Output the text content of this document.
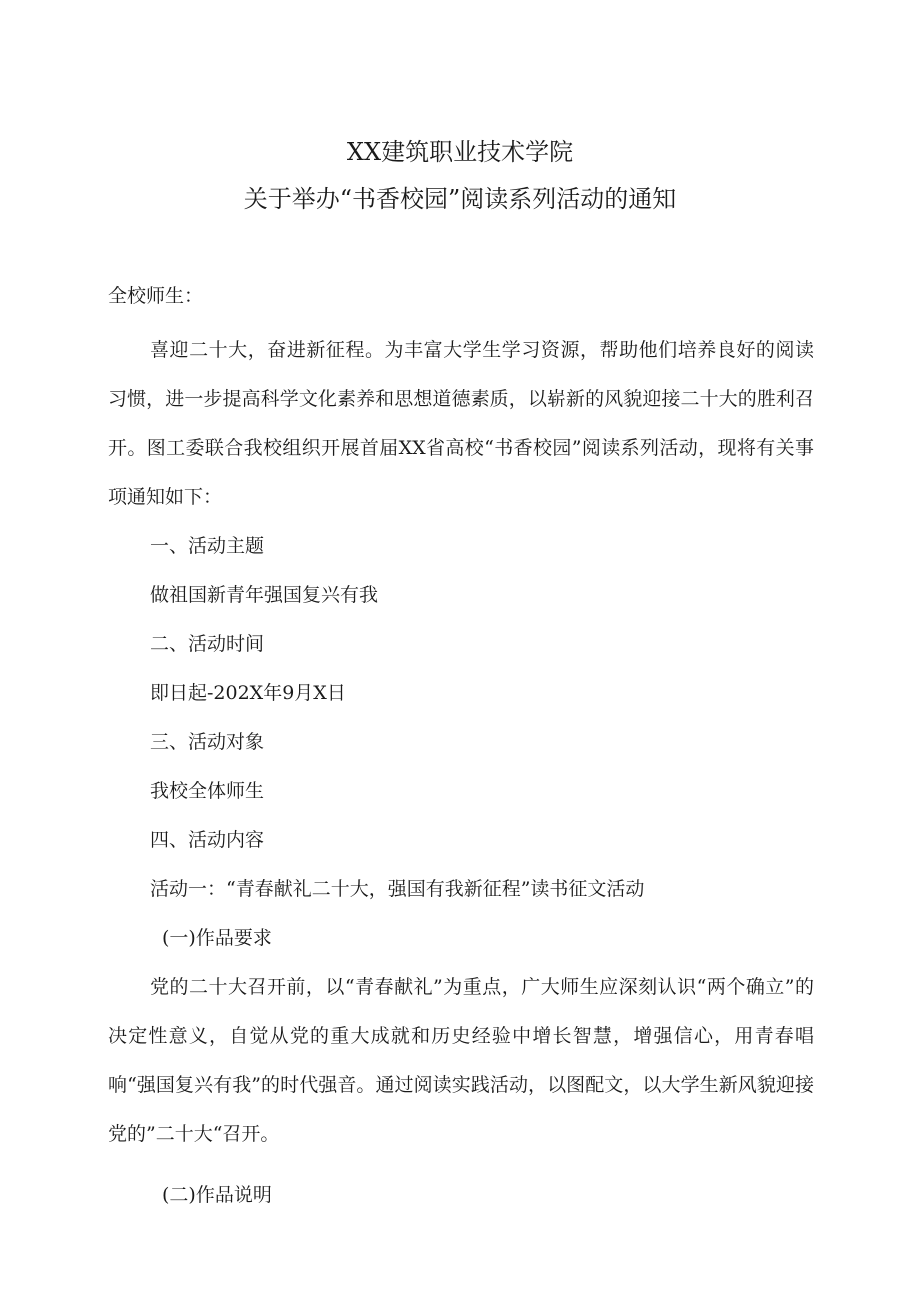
XX建筑职业技术学院
关于举办“书香校园”阅读系列活动的通知

全校师生：

喜迎二十大，奋进新征程。为丰富大学生学习资源，帮助他们培养良好的阅读习惯，进一步提高科学文化素养和思想道德素质，以崭新的风貌迎接二十大的胜利召开。图工委联合我校组织开展首届XX省高校“书香校园”阅读系列活动，现将有关事项通知如下：

一、活动主题

做祖国新青年强国复兴有我

二、活动时间

即日起-202X年9月X日

三、活动对象

我校全体师生

四、活动内容

活动一：“青春献礼二十大，强国有我新征程”读书征文活动

(一)作品要求

党的二十大召开前，以“青春献礼”为重点，广大师生应深刻认识“两个确立”的决定性意义，自觉从党的重大成就和历史经验中增长智慧，增强信心，用青春唱响“强国复兴有我”的时代强音。通过阅读实践活动，以图配文，以大学生新风貌迎接党的”二十大“召开。

(二)作品说明
